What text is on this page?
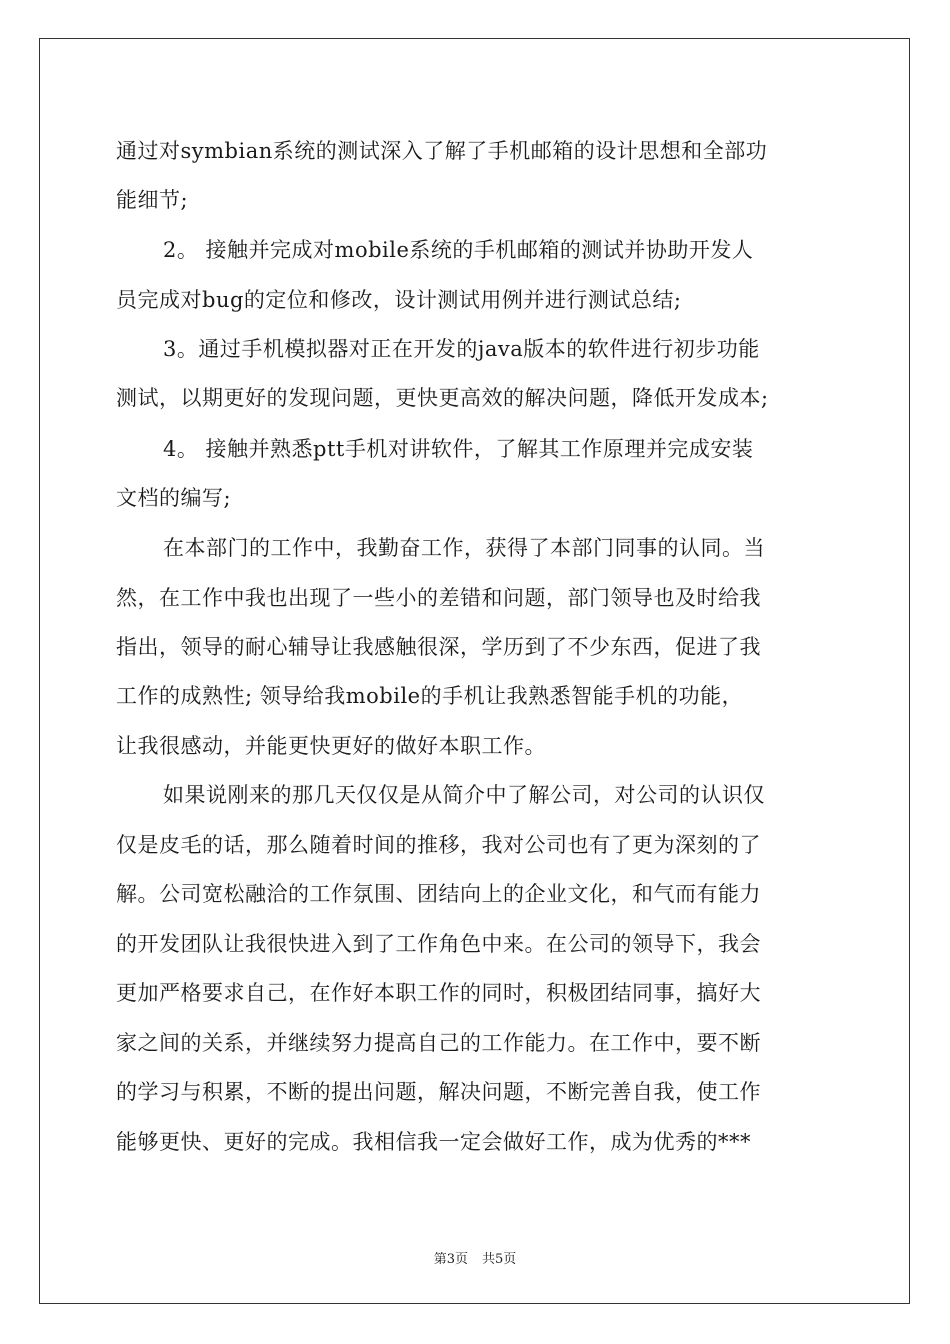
通过对symbian系统的测试深入了解了手机邮箱的设计思想和全部功
能细节;
2。 接触并完成对mobile系统的手机邮箱的测试并协助开发人
员完成对bug的定位和修改，设计测试用例并进行测试总结;
3。通过手机模拟器对正在开发的java版本的软件进行初步功能
测试，以期更好的发现问题，更快更高效的解决问题，降低开发成本;
4。 接触并熟悉ptt手机对讲软件，了解其工作原理并完成安装
文档的编写;
在本部门的工作中，我勤奋工作，获得了本部门同事的认同。当
然，在工作中我也出现了一些小的差错和问题，部门领导也及时给我
指出，领导的耐心辅导让我感触很深，学历到了不少东西，促进了我
工作的成熟性; 领导给我mobile的手机让我熟悉智能手机的功能，
让我很感动，并能更快更好的做好本职工作。
如果说刚来的那几天仅仅是从简介中了解公司，对公司的认识仅
仅是皮毛的话，那么随着时间的推移，我对公司也有了更为深刻的了
解。公司宽松融洽的工作氛围、团结向上的企业文化，和气而有能力
的开发团队让我很快进入到了工作角色中来。在公司的领导下，我会
更加严格要求自己，在作好本职工作的同时，积极团结同事，搞好大
家之间的关系，并继续努力提高自己的工作能力。在工作中，要不断
的学习与积累，不断的提出问题，解决问题，不断完善自我，使工作
能够更快、更好的完成。我相信我一定会做好工作，成为优秀的***
第3页 共5页
